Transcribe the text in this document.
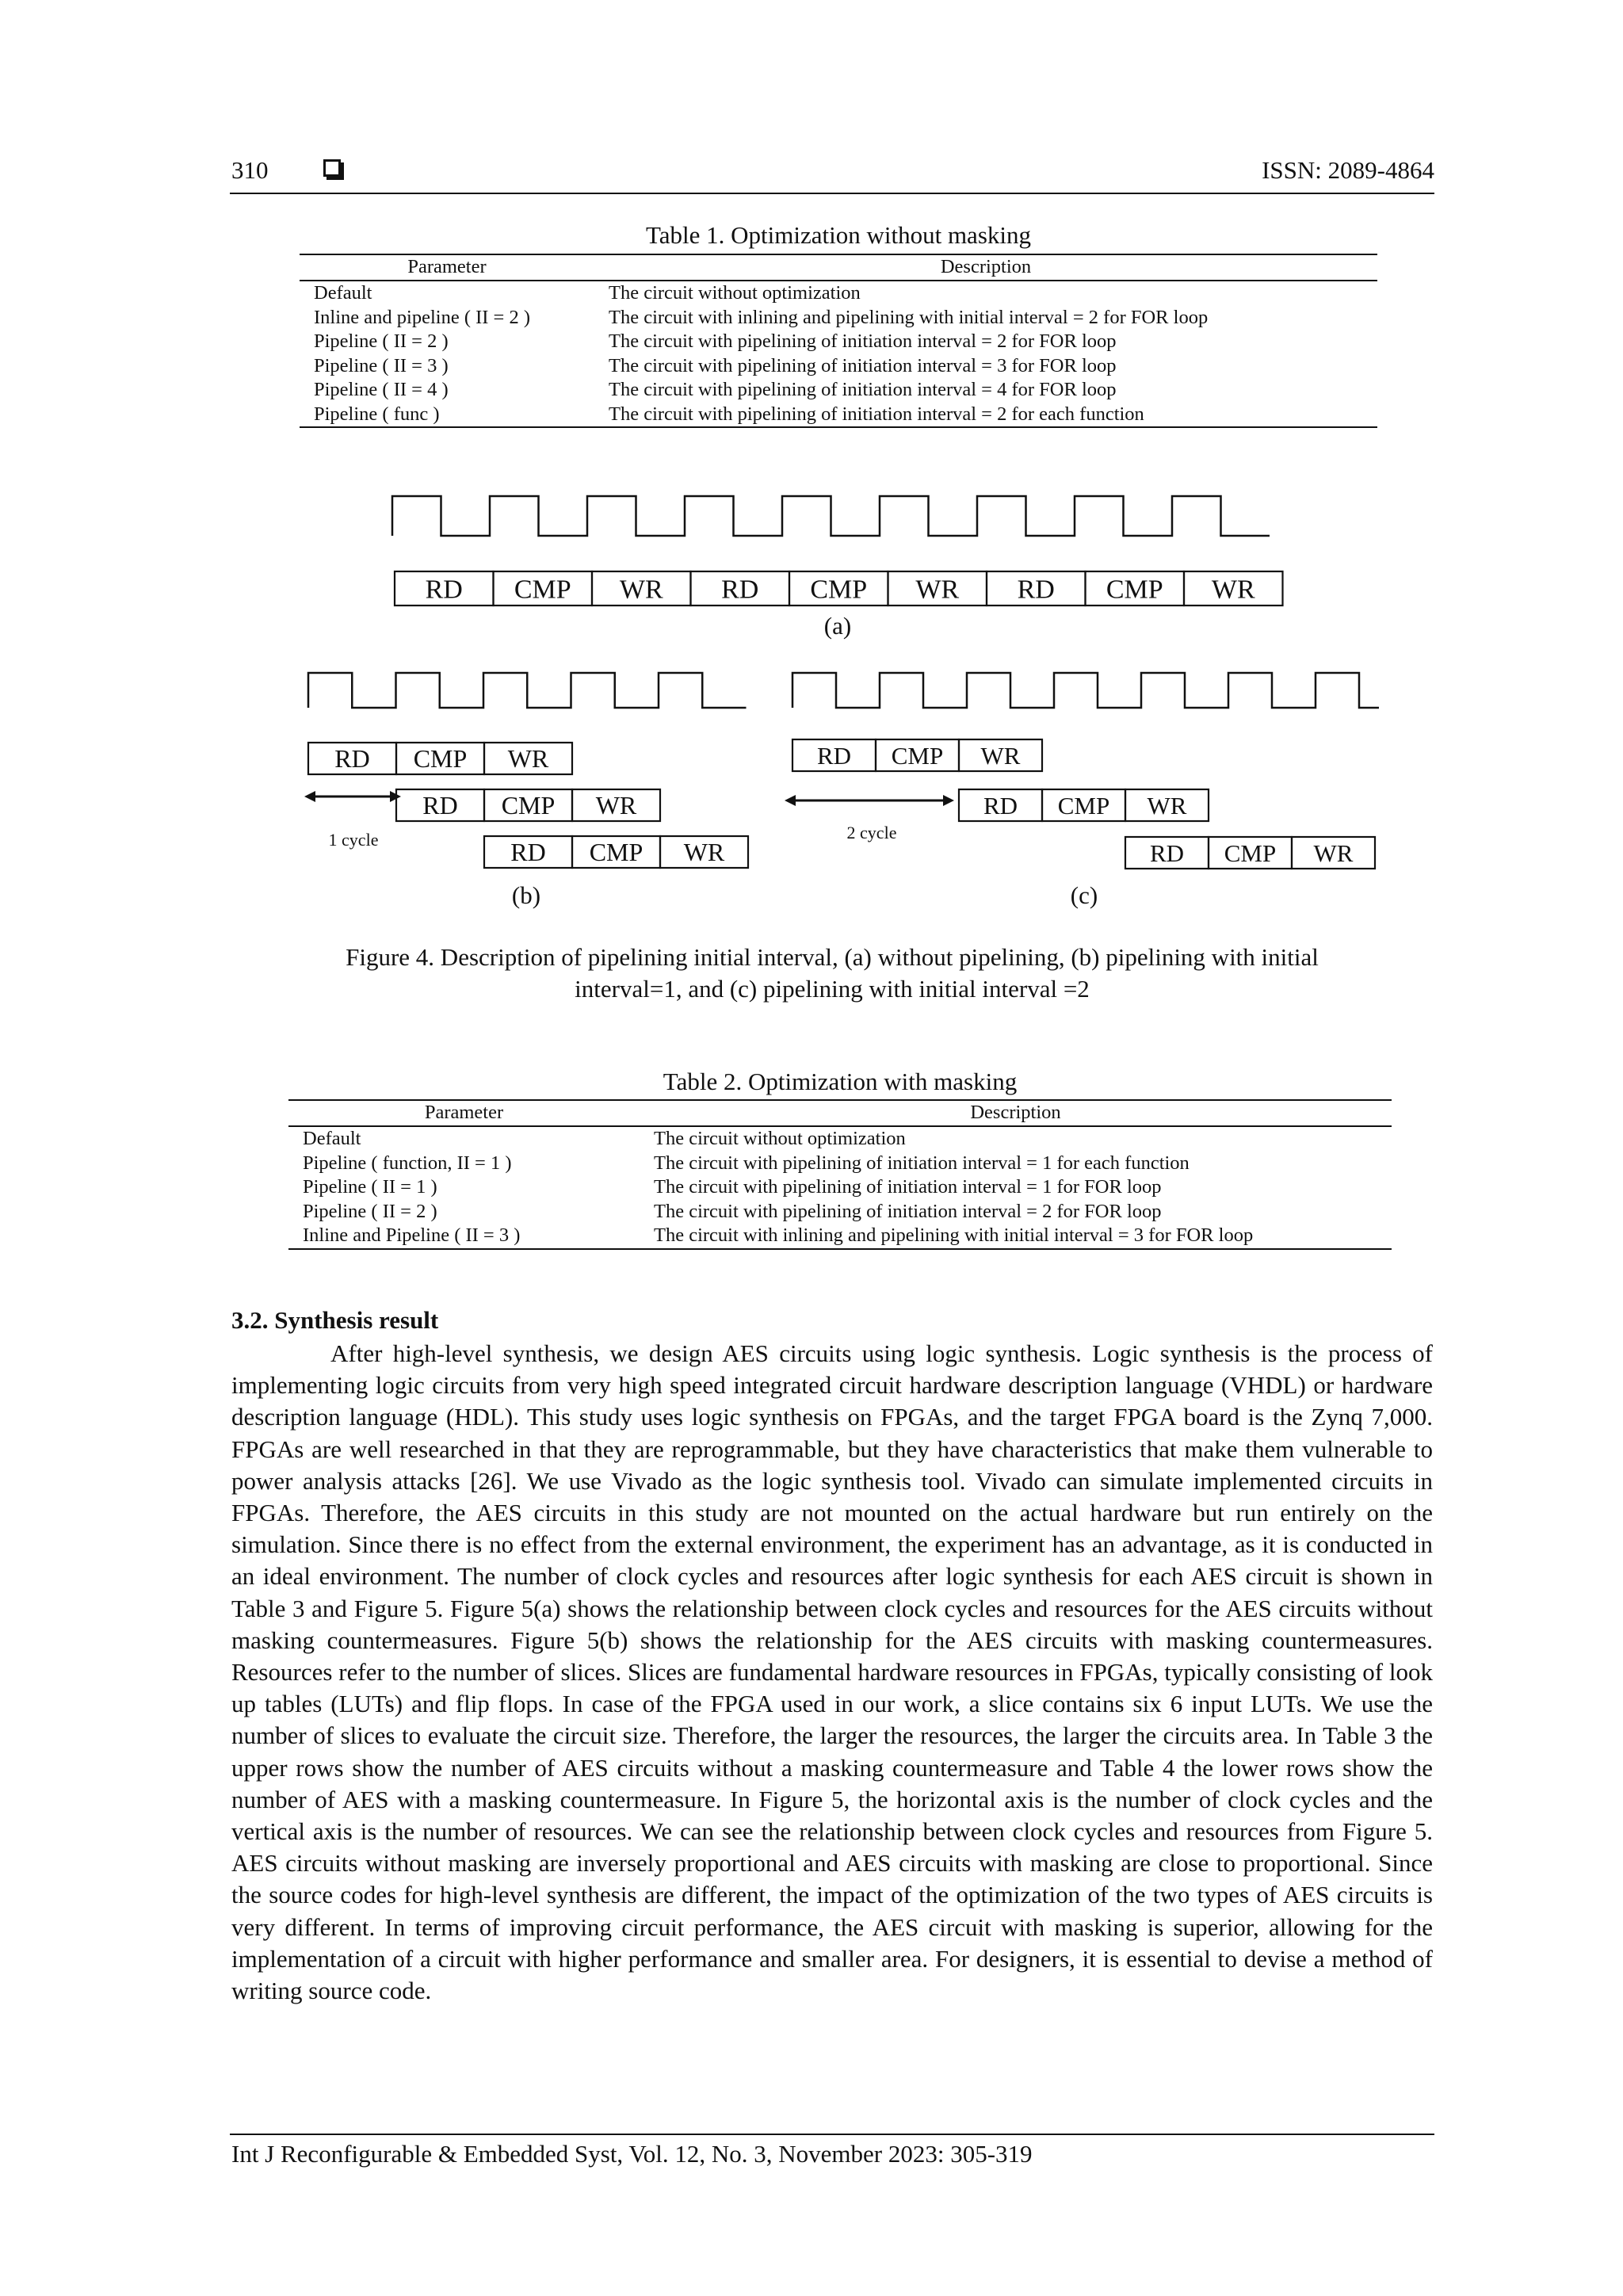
310	ISSN: 2089-4864
Table 1. Optimization without masking
Parameter	Description
Default	The circuit without optimization
Inline and pipeline ( II = 2 )	The circuit with inlining and pipelining with initial interval = 2 for FOR loop
Pipeline ( II = 2 )	The circuit with pipelining of initiation interval = 2 for FOR loop
Pipeline ( II = 3 )	The circuit with pipelining of initiation interval = 3 for FOR loop
Pipeline ( II = 4 )	The circuit with pipelining of initiation interval = 4 for FOR loop
Pipeline ( func )	The circuit with pipelining of initiation interval = 2 for each function
RD CMP WR RD CMP WR RD CMP WR
RD CMP WR
RD CMP WR
RD CMP WR
RD CMP WR
RD CMP WR
RD CMP WR
1 cycle	2 cycle
(a)
(b)	(c)
Figure 4. Description of pipelining initial interval, (a) without pipelining, (b) pipelining with initial
interval=1, and (c) pipelining with initial interval =2
Table 2. Optimization with masking
Parameter	Description
Default	The circuit without optimization
Pipeline ( function, II = 1 )	The circuit with pipelining of initiation interval = 1 for each function
Pipeline ( II = 1 )	The circuit with pipelining of initiation interval = 1 for FOR loop
Pipeline ( II = 2 )	The circuit with pipelining of initiation interval = 2 for FOR loop
Inline and Pipeline ( II = 3 )	The circuit with inlining and pipelining with initial interval = 3 for FOR loop
3.2. Synthesis result

After high-level synthesis, we design AES circuits using logic synthesis. Logic synthesis is the process of implementing logic circuits from very high speed integrated circuit hardware description language (VHDL) or hardware description language (HDL). This study uses logic synthesis on FPGAs, and the target FPGA board is the Zynq 7,000. FPGAs are well researched in that they are reprogrammable, but they have characteristics that make them vulnerable to power analysis attacks [26]. We use Vivado as the logic synthesis tool. Vivado can simulate implemented circuits in FPGAs. Therefore, the AES circuits in this study are not mounted on the actual hardware but run entirely on the simulation. Since there is no effect from the external environment, the experiment has an advantage, as it is conducted in an ideal environment. The number of clock cycles and resources after logic synthesis for each AES circuit is shown in Table 3 and Figure 5. Figure 5(a) shows the relationship between clock cycles and resources for the AES circuits without masking countermeasures. Figure 5(b) shows the relationship for the AES circuits with masking countermeasures. Resources refer to the number of slices. Slices are fundamental hardware resources in FPGAs, typically consisting of look up tables (LUTs) and flip flops. In case of the FPGA used in our work, a slice contains six 6 input LUTs. We use the number of slices to evaluate the circuit size. Therefore, the larger the resources, the larger the circuits area. In Table 3 the upper rows show the number of AES circuits without a masking countermeasure and Table 4 the lower rows show the number of AES with a masking countermeasure. In Figure 5, the horizontal axis is the number of clock cycles and the vertical axis is the number of resources. We can see the relationship between clock cycles and resources from Figure 5. AES circuits without masking are inversely proportional and AES circuits with masking are close to proportional. Since the source codes for high-level synthesis are different, the impact of the optimization of the two types of AES circuits is very different. In terms of improving circuit performance, the AES circuit with masking is superior, allowing for the implementation of a circuit with higher performance and smaller area. For designers, it is essential to devise a method of writing source code.

Int J Reconfigurable & Embedded Syst, Vol. 12, No. 3, November 2023: 305-319
